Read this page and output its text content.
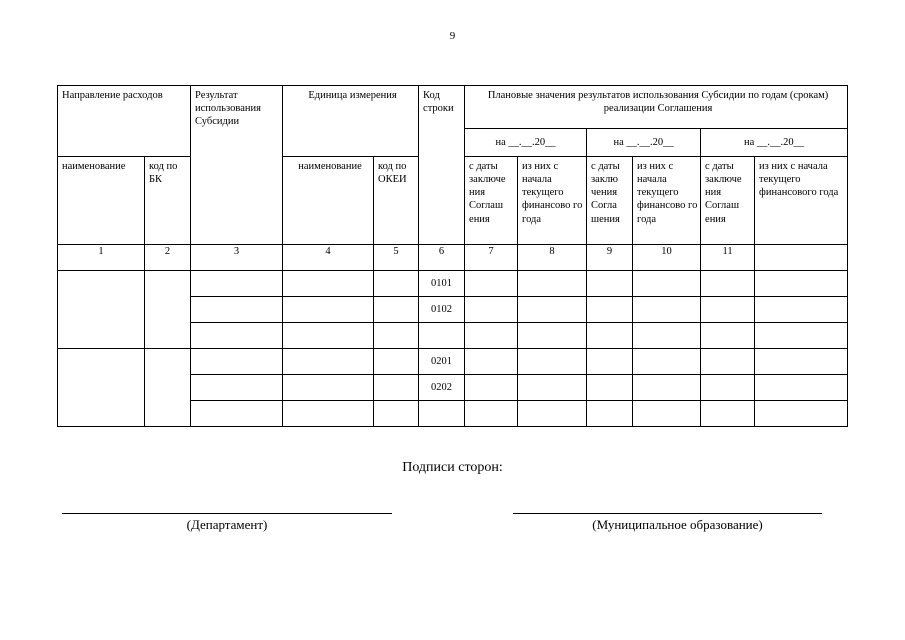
9
Направление расходов		Результат использования Субсидии	Единица измерения		Код строки	Плановые значения результатов использования Субсидии по годам (срокам) реализации Соглашения					
						на __.__.20__		на __.__.20__		на __.__.20__	
наименование	код по БК		наименование	код по ОКЕИ		с даты заключе ния Соглаш ения	из них с начала текущего финансово го года	с даты заклю чения Согла шения	из них с начала текущего финансово го года	с даты заключе ния Соглаш ения	из них с начала текущего финансового года
1	2	3	4	5	6	7	8	9	10	11	
					0101						
					0102						

					0201						
					0202						

Подписи сторон:
(Департамент)	(Муниципальное образование)
